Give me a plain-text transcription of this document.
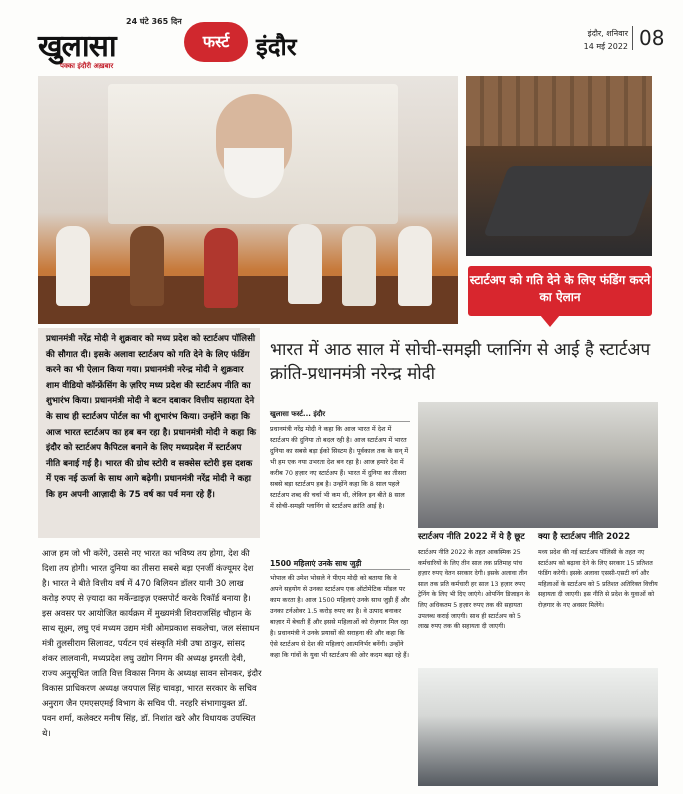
24 घंटे 365 दिन
खुलासा	फर्स्ट
पक्का इंदौरी अख़बार
इंदौर	इंदौर, शनिवार
14 मई 2022 08
स्टार्टअप को गति देने के लिए फंडिंग करने का ऐलान
भारत में आठ साल में सोची-समझी प्लानिंग से आई है स्टार्टअप क्रांति-प्रधानमंत्री नरेन्द्र मोदी

प्रधानमंत्री नरेंद्र मोदी ने शुक्रवार को मध्य प्रदेश को स्टार्टअप पॉलिसी की सौगात दी। इसके अलावा स्टार्टअप को गति देने के लिए फंडिंग करने का भी ऐलान किया गया। प्रधानमंत्री नरेन्द्र मोदी ने शुक्रवार शाम वीडियो कॉन्फ्रेंसिंग के ज़रिए मध्य प्रदेश की स्टार्टअप नीति का शुभारंभ किया। प्रधानमंत्री मोदी ने बटन दबाकर वित्तीय सहायता देने के साथ ही स्टार्टअप पोर्टल का भी शुभारंभ किया। उन्होंने कहा कि आज भारत स्टार्टअप का हब बन रहा है। प्रधानमंत्री मोदी ने कहा कि इंदौर को स्टार्टअप कैपिटल बनाने के लिए मध्यप्रदेश में स्टार्टअप नीति बनाई गई है। भारत की ग्रोथ स्टोरी व सक्सेस स्टोरी इस दशक में एक नई ऊर्जा के साथ आगे बढ़ेगी। प्रधानमंत्री नरेंद्र मोदी ने कहा कि हम अपनी आज़ादी के 75 वर्ष का पर्व मना रहे हैं।

आज हम जो भी करेंगे, उससे नए भारत का भविष्य तय होगा, देश की दिशा तय होगी। भारत दुनिया का तीसरा सबसे बड़ा एनर्जी कंज्यूमर देश है। भारत ने बीते वित्तीय वर्ष में 470 बिलियन डॉलर यानी 30 लाख करोड़ रुपए से ज़्यादा का मर्केन्डाइज़ एक्सपोर्ट करके रिकॉर्ड बनाया है। इस अवसर पर आयोजित कार्यक्रम में मुख्यमंत्री शिवराजसिंह चौहान के साथ सूक्ष्म, लघु एवं मध्यम उद्यम मंत्री ओमप्रकाश सकलेचा, जल संसाधन मंत्री तुलसीराम सिलावट, पर्यटन एवं संस्कृति मंत्री उषा ठाकुर, सांसद शंकर लालवानी, मध्यप्रदेश लघु उद्योग निगम की अध्यक्ष इमरती देवी, राज्य अनुसूचित जाति वित्त विकास निगम के अध्यक्ष सावन सोनकर, इंदौर विकास प्राधिकरण अध्यक्ष जयपाल सिंह चावड़ा, भारत सरकार के सचिव अनुराग जैन एमएसएमई विभाग के सचिव पी. नरहरि संभागायुक्त डॉ. पवन शर्मा, कलेक्टर मनीष सिंह, डॉ. निशांत खरे और विधायक उपस्थित थे।

खुलासा फर्स्ट... इंदौर

प्रधानमंत्री नरेंद्र मोदी ने कहा कि आज भारत में देश में स्टार्टअप की दुनिया तो बदल रही है। आज स्टार्टअप में भारत दुनिया का सबसे बड़ा ईको सिस्टम है। पूर्वकाल तक के सन् में भी हम एक नया उभरता देश बन रहा है। आज हमारे देश में करीब 70 हज़ार नए स्टार्टअप हैं। भारत में दुनिया का तीसरा सबसे बड़ा स्टार्टअप हब है। उन्होंने कहा कि 8 साल पहले स्टार्टअप शब्द की चर्चा भी कम थी, लेकिन इन बीते 8 साल में सोची-समझी प्लानिंग से स्टार्टअप क्रांति आई है।

1500 महिलाएं उनके साथ जुड़ी

भोपाल की उमेश भोसले ने पीएम मोदी को बताया कि वे अपने सहयोग से उनका स्टार्टअप एक ऑटोमेटिक मॉडल पर काम करता है। आज 1500 महिलाएं उनके साथ जुड़ी हैं और उनका टर्नओवर 1.5 करोड़ रुपए का है। वे उत्पाद बनाकर बाज़ार में बेचती हैं और इससे महिलाओं को रोज़गार मिल रहा है। प्रधानमंत्री ने उनके प्रयासों की सराहना की और कहा कि ऐसे स्टार्टअप से देश की महिलाएं आत्मनिर्भर बनेंगी। उन्होंने कहा कि गांवों के युवा भी स्टार्टअप की ओर कदम बढ़ा रहे हैं।

स्टार्टअप नीति 2022 में ये है छूट	क्या है स्टार्टअप नीति 2022

स्टार्टअप नीति 2022 के तहत आकस्मिक 25 कर्मचारियों के लिए तीन साल तक प्रतिमाह पांच हज़ार रुपए वेतन सरकार देगी। इसके अलावा तीन साल तक प्रति कर्मचारी हर साल 13 हज़ार रुपए ट्रेनिंग के लिए भी दिए जाएंगे। ओपनिंग डिजाइन के लिए अधिकतम 5 हज़ार रुपए तक की सहायता उपलब्ध कराई जाएगी। साथ ही स्टार्टअप को 5 लाख रुपए तक की सहायता दी जाएगी।

मध्य प्रदेश की नई स्टार्टअप पॉलिसी के तहत नए स्टार्टअप को बढ़ावा देने के लिए सरकार 15 प्रतिशत फंडिंग करेगी। इसके अलावा एससी-एसटी वर्ग और महिलाओं के स्टार्टअप को 5 प्रतिशत अतिरिक्त वित्तीय सहायता दी जाएगी। इस नीति से प्रदेश के युवाओं को रोज़गार के नए अवसर मिलेंगे।
